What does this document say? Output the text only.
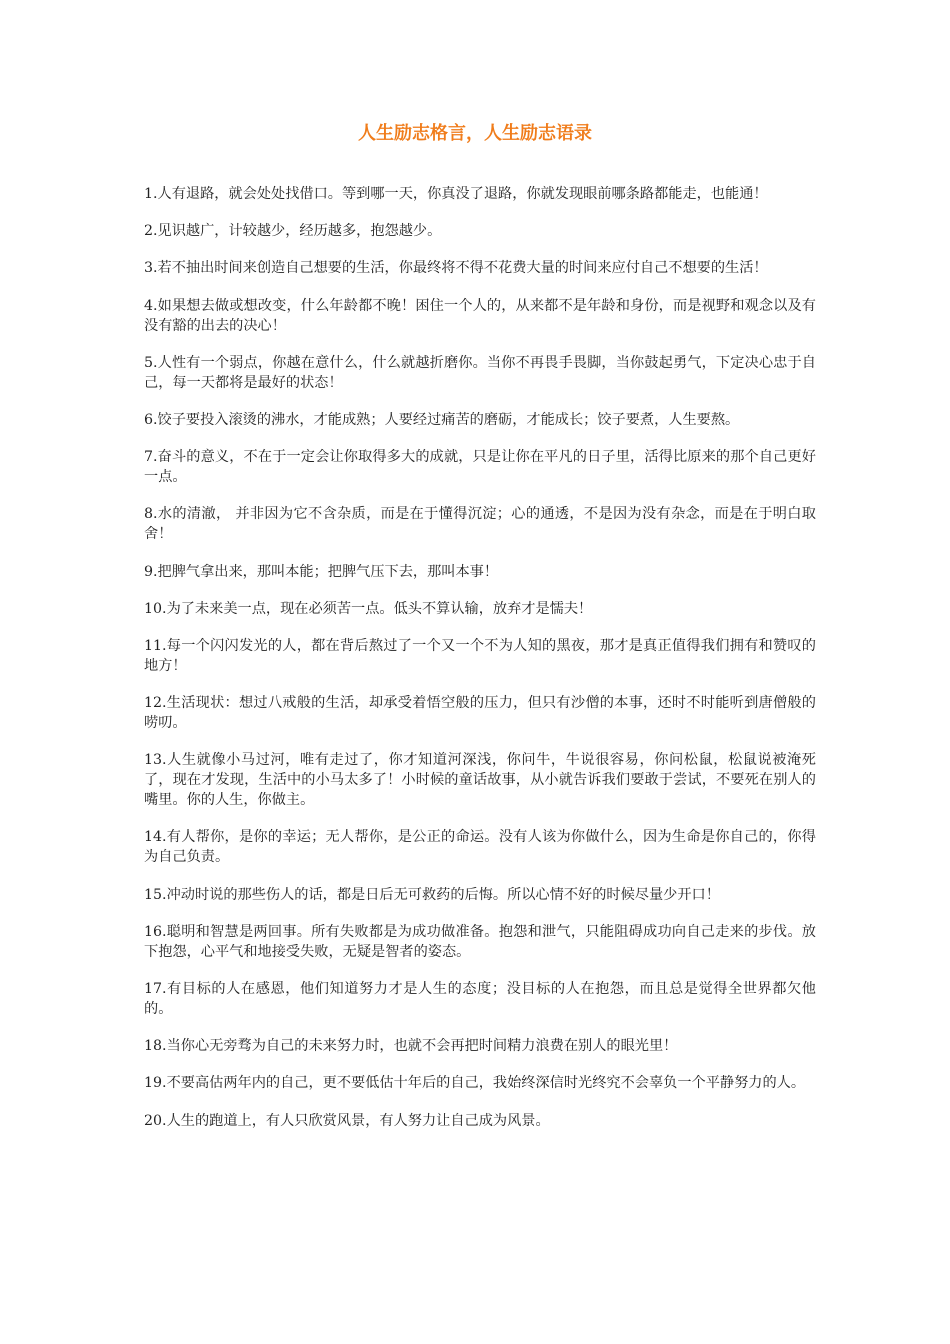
人生励志格言，人生励志语录
1.人有退路，就会处处找借口。等到哪一天，你真没了退路，你就发现眼前哪条路都能走，也能通！
2.见识越广，计较越少，经历越多，抱怨越少。
3.若不抽出时间来创造自己想要的生活，你最终将不得不花费大量的时间来应付自己不想要的生活！
4.如果想去做或想改变，什么年龄都不晚！困住一个人的，从来都不是年龄和身份，而是视野和观念以及有没有豁的出去的决心！
5.人性有一个弱点，你越在意什么，什么就越折磨你。当你不再畏手畏脚，当你鼓起勇气，下定决心忠于自己，每一天都将是最好的状态！
6.饺子要投入滚烫的沸水，才能成熟；人要经过痛苦的磨砺，才能成长；饺子要煮，人生要熬。
7.奋斗的意义，不在于一定会让你取得多大的成就，只是让你在平凡的日子里，活得比原来的那个自己更好一点。
8.水的清澈， 并非因为它不含杂质，而是在于懂得沉淀；心的通透，不是因为没有杂念，而是在于明白取舍！
9.把脾气拿出来，那叫本能；把脾气压下去，那叫本事！
10.为了未来美一点，现在必须苦一点。低头不算认输，放弃才是懦夫！
11.每一个闪闪发光的人，都在背后熬过了一个又一个不为人知的黑夜，那才是真正值得我们拥有和赞叹的地方！
12.生活现状：想过八戒般的生活，却承受着悟空般的压力，但只有沙僧的本事，还时不时能听到唐僧般的唠叨。
13.人生就像小马过河，唯有走过了，你才知道河深浅，你问牛，牛说很容易，你问松鼠，松鼠说被淹死了，现在才发现，生活中的小马太多了！小时候的童话故事，从小就告诉我们要敢于尝试，不要死在别人的嘴里。你的人生，你做主。
14.有人帮你，是你的幸运；无人帮你，是公正的命运。没有人该为你做什么，因为生命是你自己的，你得为自己负责。
15.冲动时说的那些伤人的话，都是日后无可救药的后悔。所以心情不好的时候尽量少开口！
16.聪明和智慧是两回事。所有失败都是为成功做准备。抱怨和泄气，只能阻碍成功向自己走来的步伐。放下抱怨，心平气和地接受失败，无疑是智者的姿态。
17.有目标的人在感恩，他们知道努力才是人生的态度；没目标的人在抱怨，而且总是觉得全世界都欠他的。
18.当你心无旁骛为自己的未来努力时，也就不会再把时间精力浪费在别人的眼光里！
19.不要高估两年内的自己，更不要低估十年后的自己，我始终深信时光终究不会辜负一个平静努力的人。
20.人生的跑道上，有人只欣赏风景，有人努力让自己成为风景。
